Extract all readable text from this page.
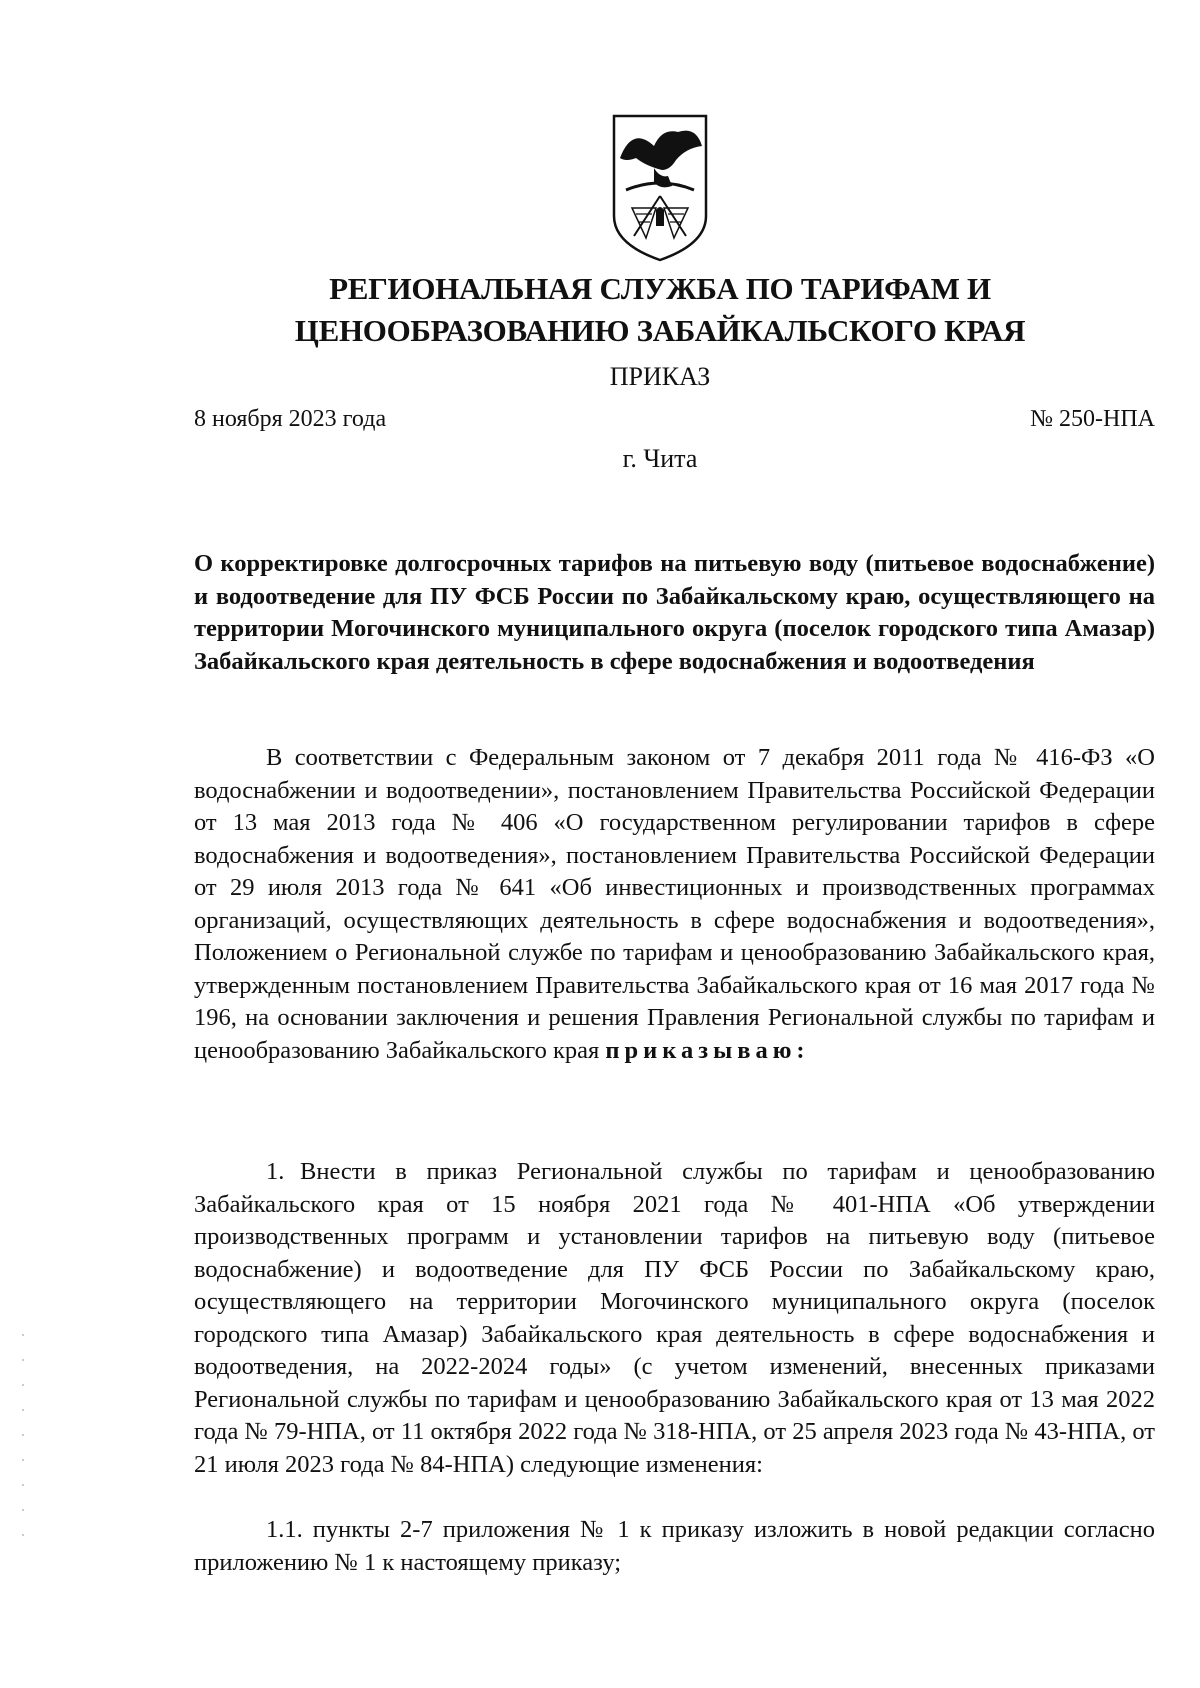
РЕГИОНАЛЬНАЯ СЛУЖБА ПО ТАРИФАМ И
ЦЕНООБРАЗОВАНИЮ ЗАБАЙКАЛЬСКОГО КРАЯ
ПРИКАЗ
8 ноября 2023 года	№ 250-НПА
г. Чита
О корректировке долгосрочных тарифов на питьевую воду (питьевое водоснабжение) и водоотведение для ПУ ФСБ России по Забайкальскому краю, осуществляющего на территории Могочинского муниципального округа (поселок городского типа Амазар) Забайкальского края деятельность в сфере водоснабжения и водоотведения
В соответствии с Федеральным законом от 7 декабря 2011 года № 416-ФЗ «О водоснабжении и водоотведении», постановлением Правительства Российской Федерации от 13 мая 2013 года № 406 «О государственном регулировании тарифов в сфере водоснабжения и водоотведения», постановлением Правительства Российской Федерации от 29 июля 2013 года № 641 «Об инвестиционных и производственных программах организаций, осуществляющих деятельность в сфере водоснабжения и водоотведения», Положением о Региональной службе по тарифам и ценообразованию Забайкальского края, утвержденным постановлением Правительства Забайкальского края от 16 мая 2017 года № 196, на основании заключения и решения Правления Региональной службы по тарифам и ценообразованию Забайкальского края приказываю:
1. Внести в приказ Региональной службы по тарифам и ценообразованию Забайкальского края от 15 ноября 2021 года № 401-НПА «Об утверждении производственных программ и установлении тарифов на питьевую воду (питьевое водоснабжение) и водоотведение для ПУ ФСБ России по Забайкальскому краю, осуществляющего на территории Могочинского муниципального округа (поселок городского типа Амазар) Забайкальского края деятельность в сфере водоснабжения и водоотведения, на 2022-2024 годы» (с учетом изменений, внесенных приказами Региональной службы по тарифам и ценообразованию Забайкальского края от 13 мая 2022 года № 79-НПА, от 11 октября 2022 года № 318-НПА, от 25 апреля 2023 года № 43-НПА, от 21 июля 2023 года № 84-НПА) следующие изменения:
1.1. пункты 2-7 приложения № 1 к приказу изложить в новой редакции согласно приложению № 1 к настоящему приказу;
